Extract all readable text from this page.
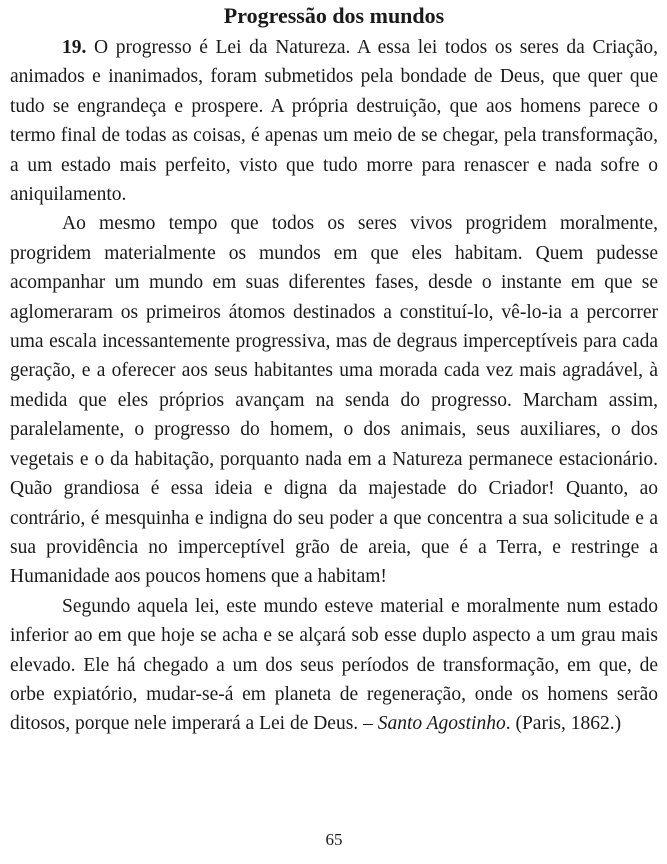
Progressão dos mundos

19. O progresso é Lei da Natureza. A essa lei todos os seres da Criação, animados e inanimados, foram submetidos pela bondade de Deus, que quer que tudo se engrandeça e prospere. A própria destruição, que aos homens parece o termo final de todas as coisas, é apenas um meio de se chegar, pela transformação, a um estado mais perfeito, visto que tudo morre para renascer e nada sofre o aniquilamento.

Ao mesmo tempo que todos os seres vivos progridem moralmente, progridem materialmente os mundos em que eles habitam. Quem pudesse acompanhar um mundo em suas diferentes fases, desde o instante em que se aglomeraram os primeiros átomos destinados a constituí-lo, vê-lo-ia a percorrer uma escala incessantemente progressiva, mas de degraus imperceptíveis para cada geração, e a oferecer aos seus habitantes uma morada cada vez mais agradável, à medida que eles próprios avançam na senda do progresso. Marcham assim, paralelamente, o progresso do homem, o dos animais, seus auxiliares, o dos vegetais e o da habitação, porquanto nada em a Natureza permanece estacionário. Quão grandiosa é essa ideia e digna da majestade do Criador! Quanto, ao contrário, é mesquinha e indigna do seu poder a que concentra a sua solicitude e a sua providência no imperceptível grão de areia, que é a Terra, e restringe a Humanidade aos poucos homens que a habitam!

Segundo aquela lei, este mundo esteve material e moralmente num estado inferior ao em que hoje se acha e se alçará sob esse duplo aspecto a um grau mais elevado. Ele há chegado a um dos seus períodos de transformação, em que, de orbe expiatório, mudar-se-á em planeta de regeneração, onde os homens serão ditosos, porque nele imperará a Lei de Deus. – Santo Agostinho. (Paris, 1862.)

65
